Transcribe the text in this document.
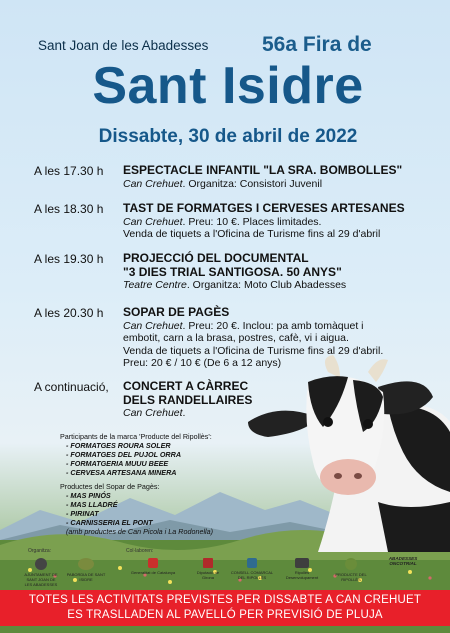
Sant Joan de les Abadesses	56a Fira de
Sant Isidre
Dissabte, 30 de abril de 2022
A les 17.30 h	ESPECTACLE INFANTIL "LA SRA. BOMBOLLES"
Can Crehuet. Organitza: Consistori Juvenil
A les 18.30 h	TAST DE FORMATGES I CERVESES ARTESANES
Can Crehuet. Preu: 10 €. Places limitades.
Venda de tiquets a l'Oficina de Turisme fins al 29 d'abril
A les 19.30 h	PROJECCIÓ DEL DOCUMENTAL
"3 DIES TRIAL SANTIGOSA. 50 ANYS"
Teatre Centre. Organitza: Moto Club Abadesses
A les 20.30 h	SOPAR DE PAGÈS
Can Crehuet. Preu: 20 €. Inclou: pa amb tomàquet i
embotit, carn a la brasa, postres, cafè, vi i aigua.
Venda de tiquets a l'Oficina de Turisme fins al 29 d'abril.
Preu: 20 € / 10 € (De 6 a 12 anys)
A continuació,	CONCERT A CÀRREC
DELS RANDELLAIRES
Can Crehuet.
Participants de la marca 'Producte del Ripollès':
- FORMATGES ROURA SOLER
- FORMATGES DEL PUJOL ORRA
- FORMATGERIA MUUU BEEE
- CERVESA ARTESANA MINERA
Productes del Sopar de Pagès:
- MAS PINÓS
- MAS LLADRÉ
- PIRINAT
- CARNISSERIA EL PONT
(amb productes de Can Picola i La Rodonella)
Organitza:	Col·laboren:
AJUNTAMENT DE SANT JOAN DE LES ABADESSES
PABORDIA DE SANT ISIDRE
Generalitat de Catalunya	Diputació de Girona
CONSELL COMARCAL DEL RIPOLLÈS
Ripollès Desenvolupament
PRODUCTE DEL RIPOLLÈS
ABADESSES ONCOTRIAL
TOTES LES ACTIVITATS PREVISTES PER DISSABTE A CAN CREHUET
ES TRASLLADEN AL PAVELLÓ PER PREVISIÓ DE PLUJA
